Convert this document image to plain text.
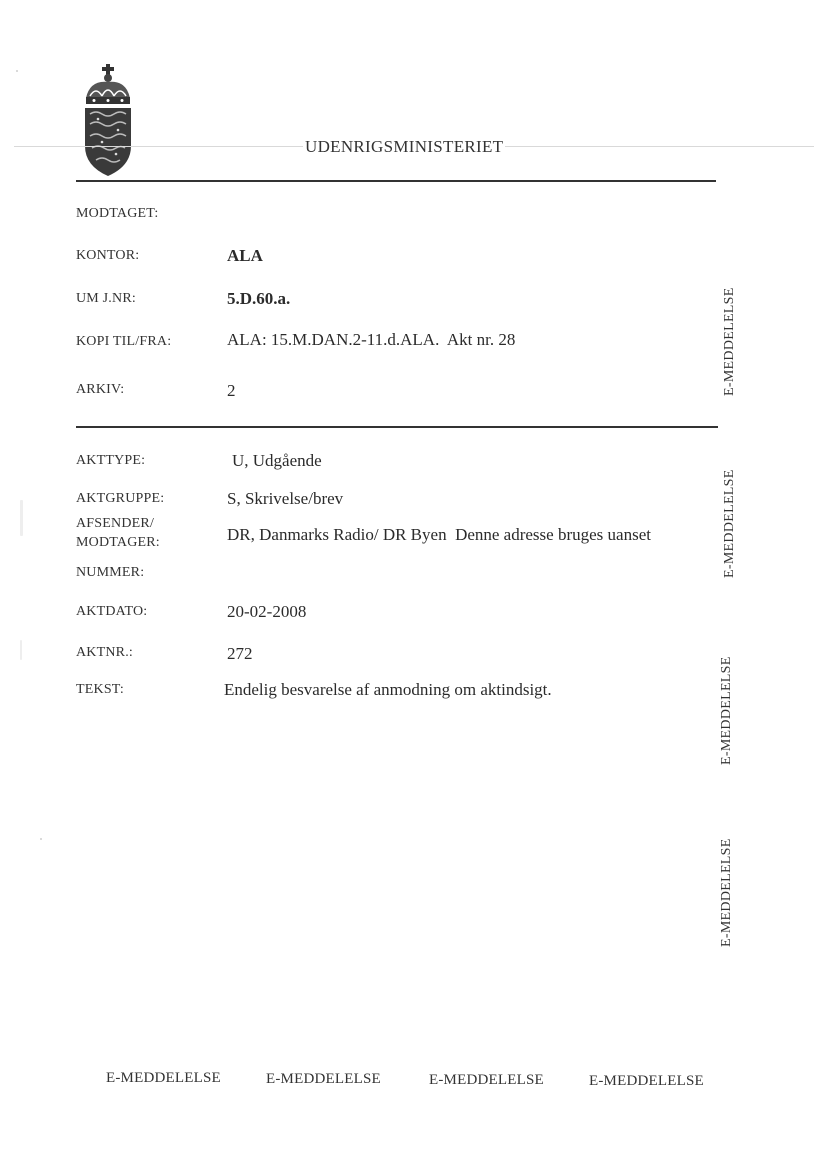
UDENRIGSMINISTERIET
MODTAGET:
KONTOR:	ALA
UM J.NR:	5.D.60.a.
KOPI TIL/FRA:	ALA: 15.M.DAN.2-11.d.ALA.  Akt nr. 28
ARKIV:	2
AKTTYPE:	U, Udgående
AKTGRUPPE:	S, Skrivelse/brev
AFSENDER/
MODTAGER:	DR, Danmarks Radio/ DR Byen  Denne adresse bruges uanset
NUMMER:
AKTDATO:	20-02-2008
AKTNR.:	272
TEKST:	Endelig besvarelse af anmodning om aktindsigt.
E-MEDDELELSE
E-MEDDELELSE
E-MEDDELELSE
E-MEDDELELSE
E-MEDDELELSE	E-MEDDELELSE	E-MEDDELELSE	E-MEDDELELSE
